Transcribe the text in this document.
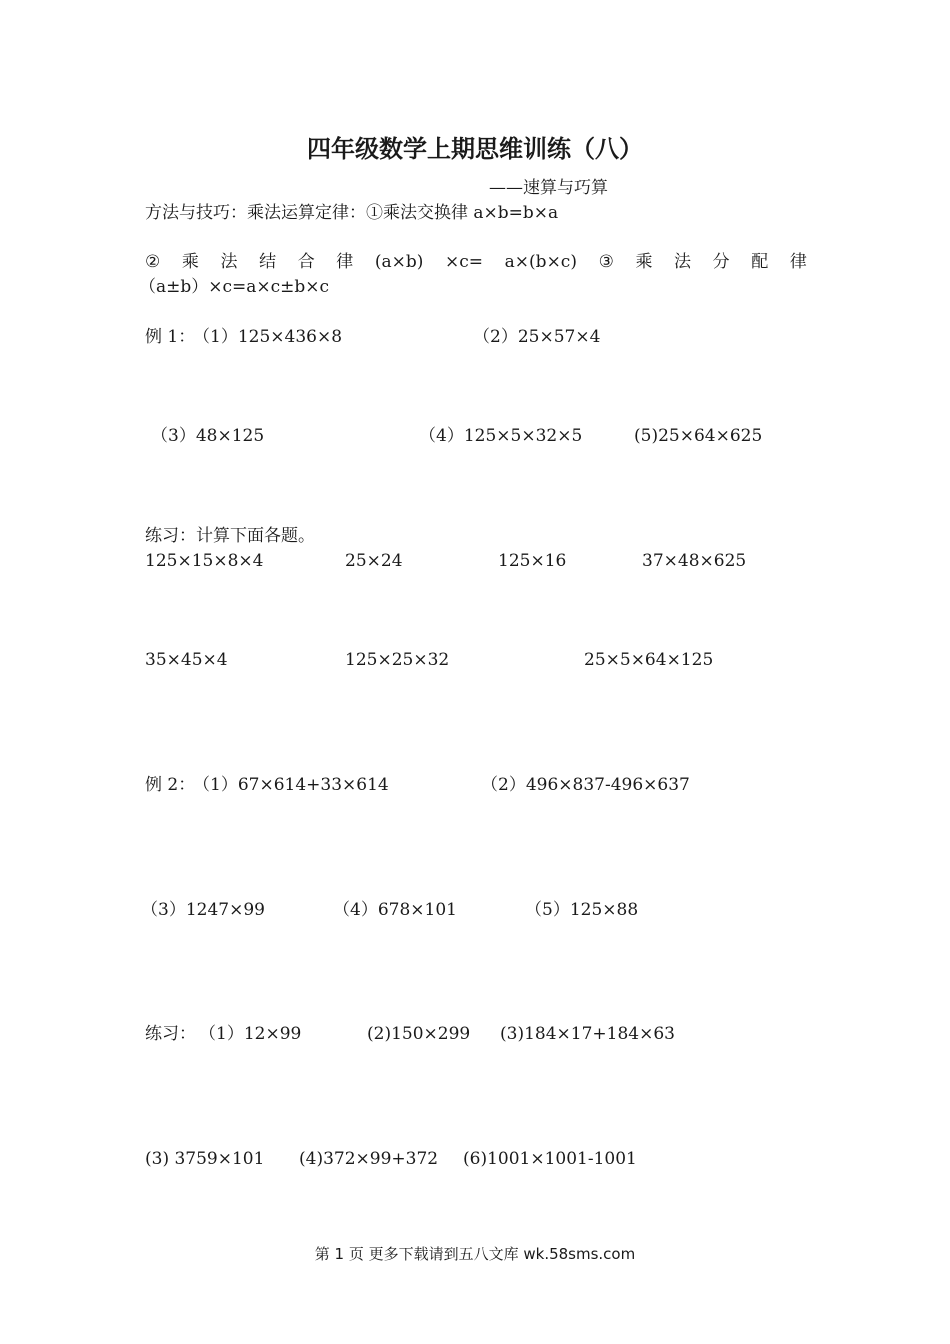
四年级数学上期思维训练（八）
——速算与巧算
方法与技巧：乘法运算定律：①乘法交换律 a×b=b×a
② 乘 法 结 合 律 (a×b) ×c= a×(b×c) ③ 乘 法 分 配 律
（a±b）×c=a×c±b×c
例 1：
（1）125×436×8	（2）25×57×4
（3）48×125	（4）125×5×32×5	(5)25×64×625
练习：计算下面各题。
125×15×8×4	25×24	125×16	37×48×625
35×45×4	125×25×32	25×5×64×125
例 2：
（1）67×614+33×614	（2）496×837-496×637
（3）1247×99	（4）678×101	（5）125×88
练习： （1）12×99	(2)150×299 (3)184×17+184×63
(3) 3759×101 (4)372×99+372 (6)1001×1001-1001
第 1 页 更多下载请到五八文库 wk.58sms.com
